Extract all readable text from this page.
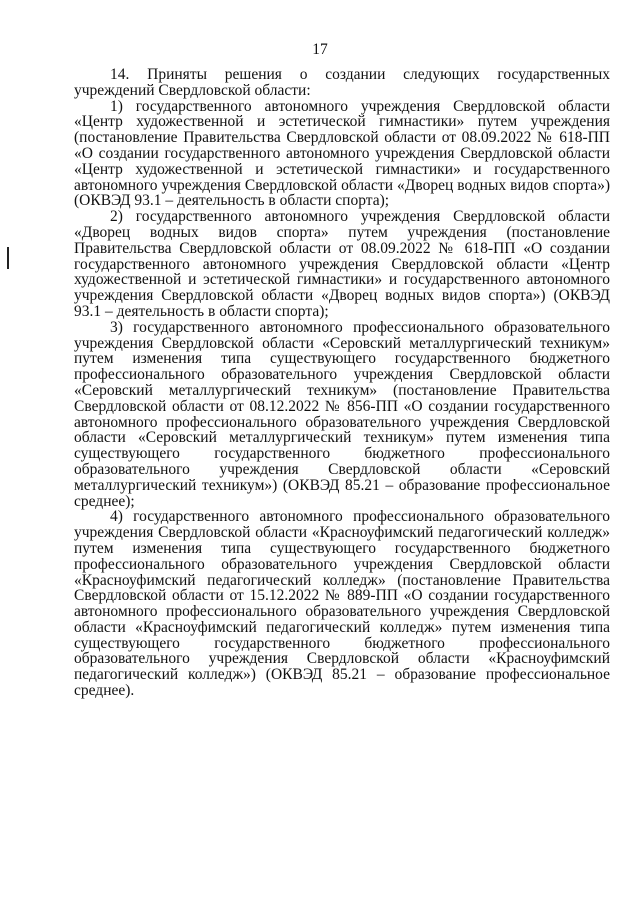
17

14. Приняты решения о создании следующих государственных учреждений Свердловской области:

1) государственного автономного учреждения Свердловской области «Центр художественной и эстетической гимнастики» путем учреждения (постановление Правительства Свердловской области от 08.09.2022 № 618-ПП «О создании государственного автономного учреждения Свердловской области «Центр художественной и эстетической гимнастики» и государственного автономного учреждения Свердловской области «Дворец водных видов спорта») (ОКВЭД 93.1 – деятельность в области спорта);

2) государственного автономного учреждения Свердловской области «Дворец водных видов спорта» путем учреждения (постановление Правительства Свердловской области от 08.09.2022 № 618-ПП «О создании государственного автономного учреждения Свердловской области «Центр художественной и эстетической гимнастики» и государственного автономного учреждения Свердловской области «Дворец водных видов спорта») (ОКВЭД 93.1 – деятельность в области спорта);

3) государственного автономного профессионального образовательного учреждения Свердловской области «Серовский металлургический техникум» путем изменения типа существующего государственного бюджетного профессионального образовательного учреждения Свердловской области «Серовский металлургический техникум» (постановление Правительства Свердловской области от 08.12.2022 № 856-ПП «О создании государственного автономного профессионального образовательного учреждения Свердловской области «Серовский металлургический техникум» путем изменения типа существующего государственного бюджетного профессионального образовательного учреждения Свердловской области «Серовский металлургический техникум») (ОКВЭД 85.21 – образование профессиональное среднее);

4) государственного автономного профессионального образовательного учреждения Свердловской области «Красноуфимский педагогический колледж» путем изменения типа существующего государственного бюджетного профессионального образовательного учреждения Свердловской области «Красноуфимский педагогический колледж» (постановление Правительства Свердловской области от 15.12.2022 № 889-ПП «О создании государственного автономного профессионального образовательного учреждения Свердловской области «Красноуфимский педагогический колледж» путем изменения типа существующего государственного бюджетного профессионального образовательного учреждения Свердловской области «Красноуфимский педагогический колледж») (ОКВЭД 85.21 – образование профессиональное среднее).
